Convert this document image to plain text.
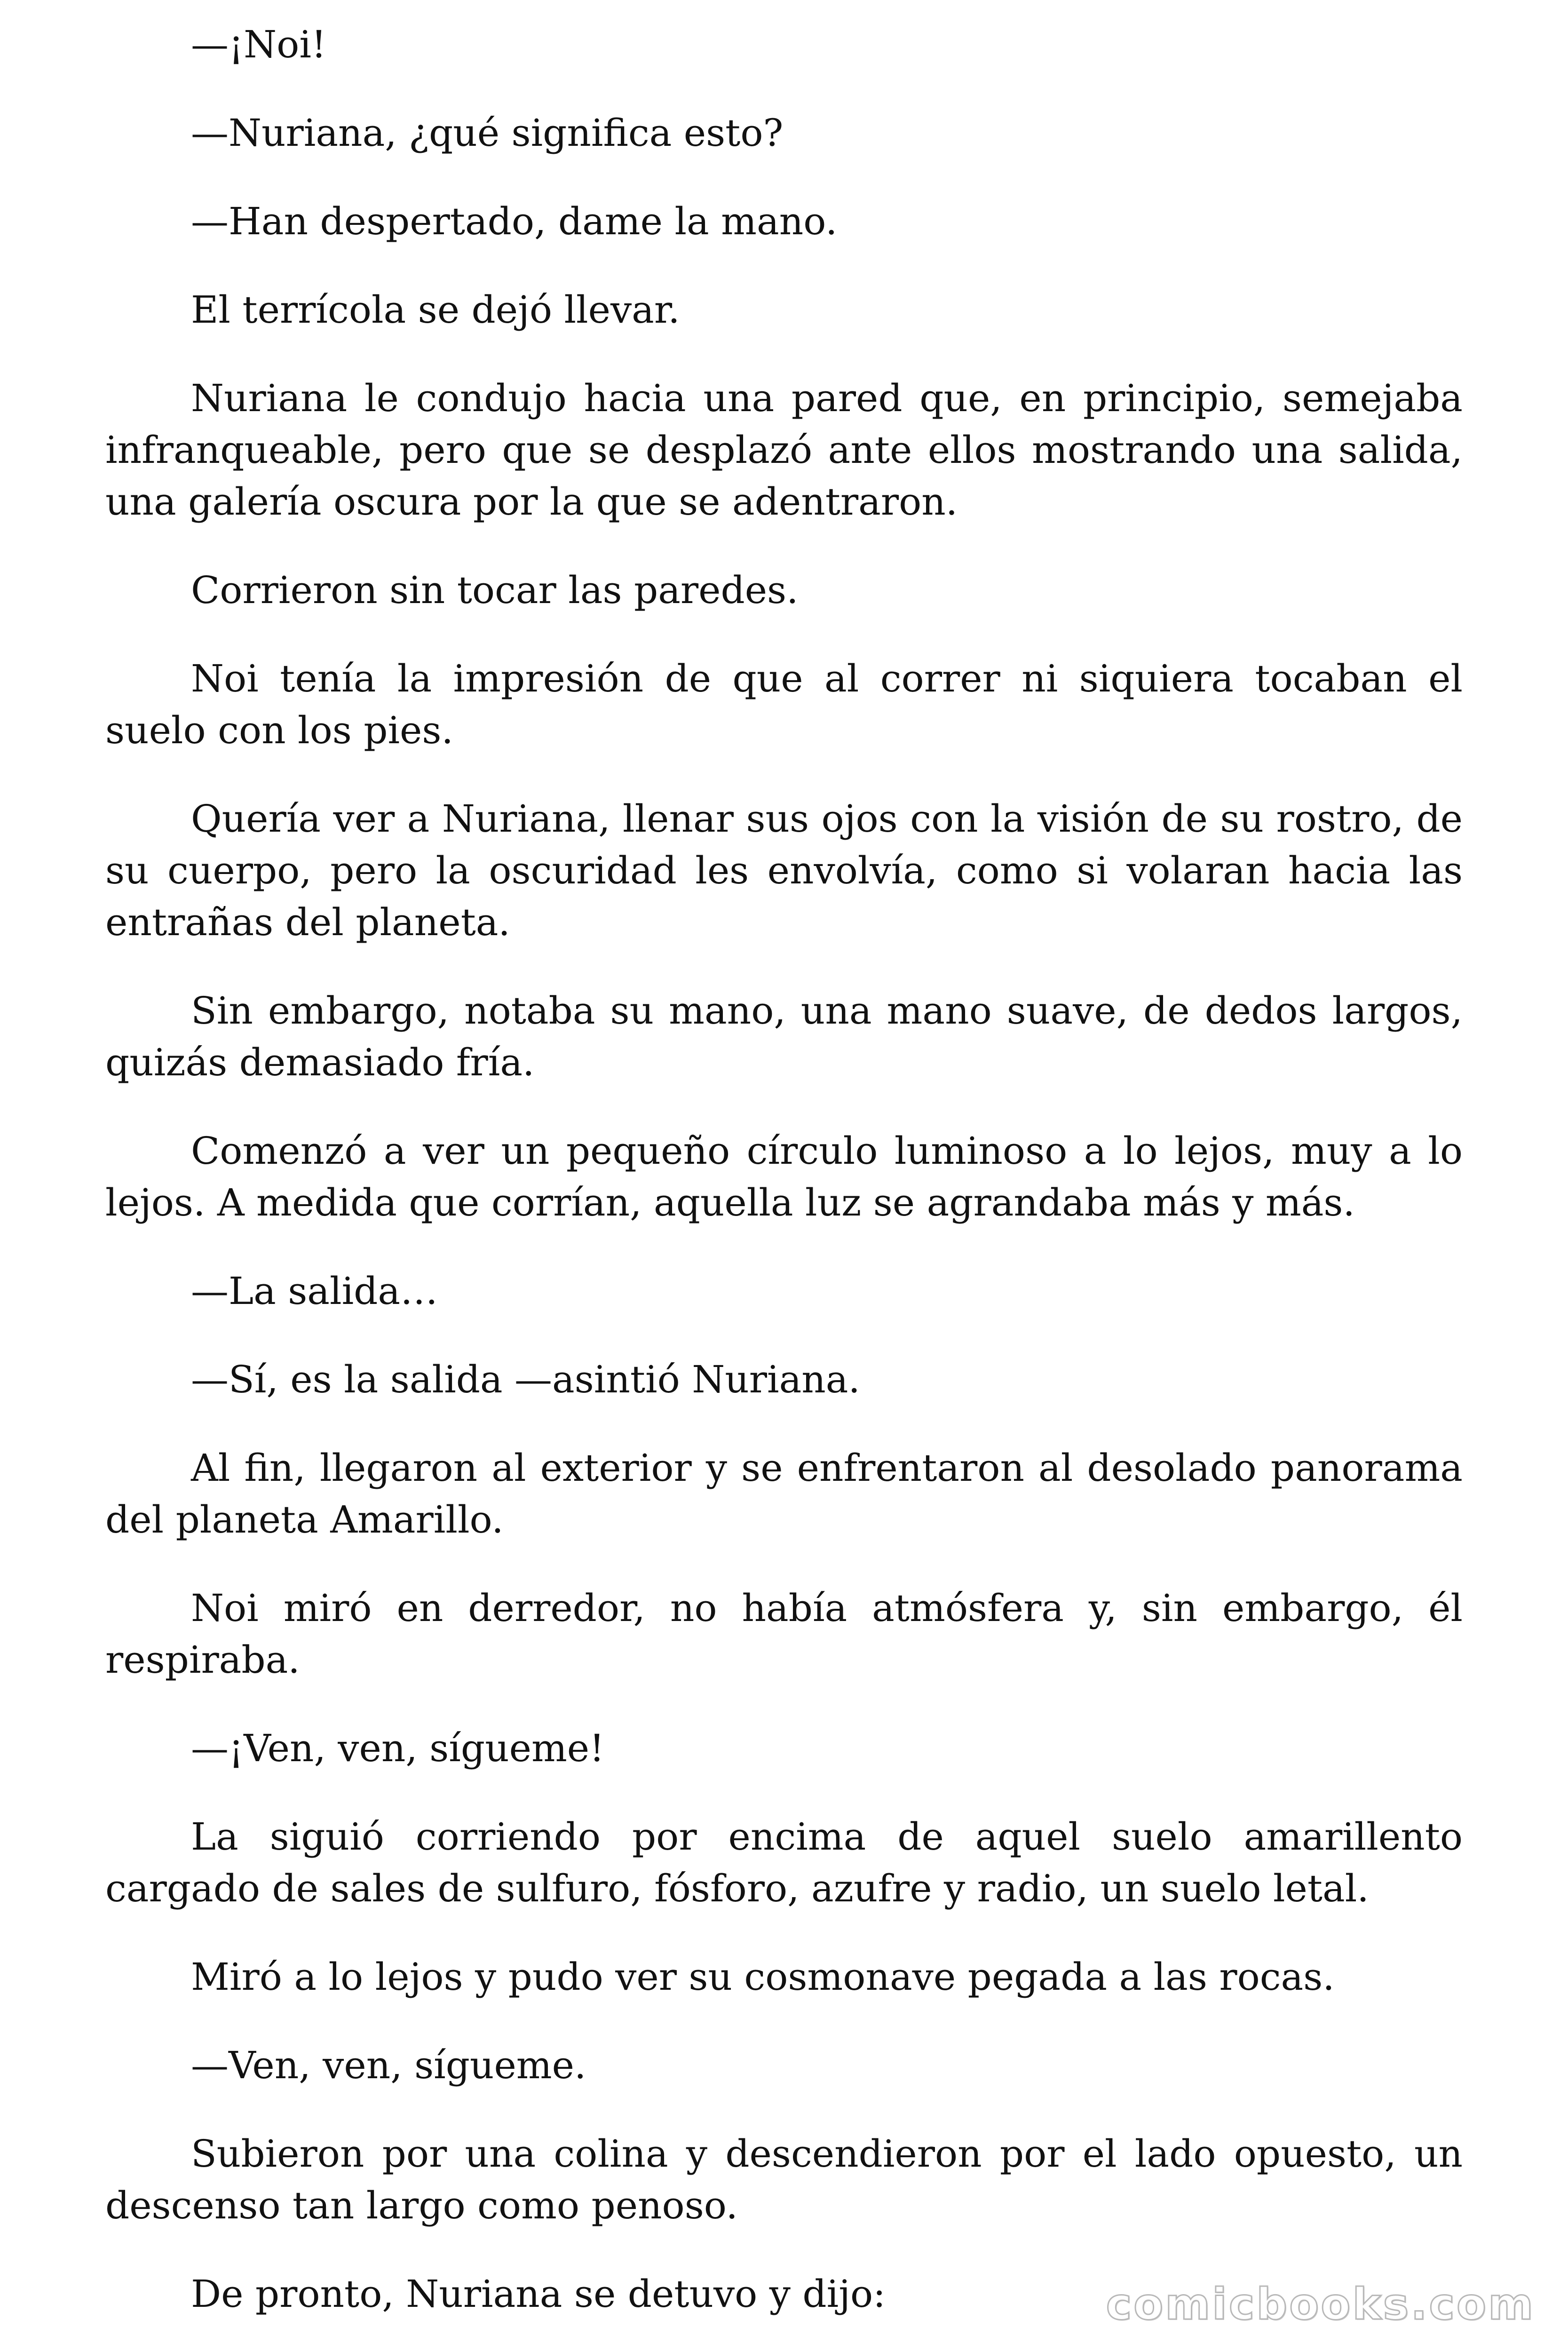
—¡Noi!

—Nuriana, ¿qué significa esto?

—Han despertado, dame la mano.

El terrícola se dejó llevar.

Nuriana le condujo hacia una pared que, en principio, semejaba infranqueable, pero que se desplazó ante ellos mostrando una salida, una galería oscura por la que se adentraron.

Corrieron sin tocar las paredes.

Noi tenía la impresión de que al correr ni siquiera tocaban el suelo con los pies.

Quería ver a Nuriana, llenar sus ojos con la visión de su rostro, de su cuerpo, pero la oscuridad les envolvía, como si volaran hacia las entrañas del planeta.

Sin embargo, notaba su mano, una mano suave, de dedos largos, quizás demasiado fría.

Comenzó a ver un pequeño círculo luminoso a lo lejos, muy a lo lejos. A medida que corrían, aquella luz se agrandaba más y más.

—La salida…

—Sí, es la salida —asintió Nuriana.

Al fin, llegaron al exterior y se enfrentaron al desolado panorama del planeta Amarillo.

Noi miró en derredor, no había atmósfera y, sin embargo, él respiraba.

—¡Ven, ven, sígueme!

La siguió corriendo por encima de aquel suelo amarillento cargado de sales de sulfuro, fósforo, azufre y radio, un suelo letal.

Miró a lo lejos y pudo ver su cosmonave pegada a las rocas.

—Ven, ven, sígueme.

Subieron por una colina y descendieron por el lado opuesto, un descenso tan largo como penoso.

De pronto, Nuriana se detuvo y dijo:	comicbooks.com
